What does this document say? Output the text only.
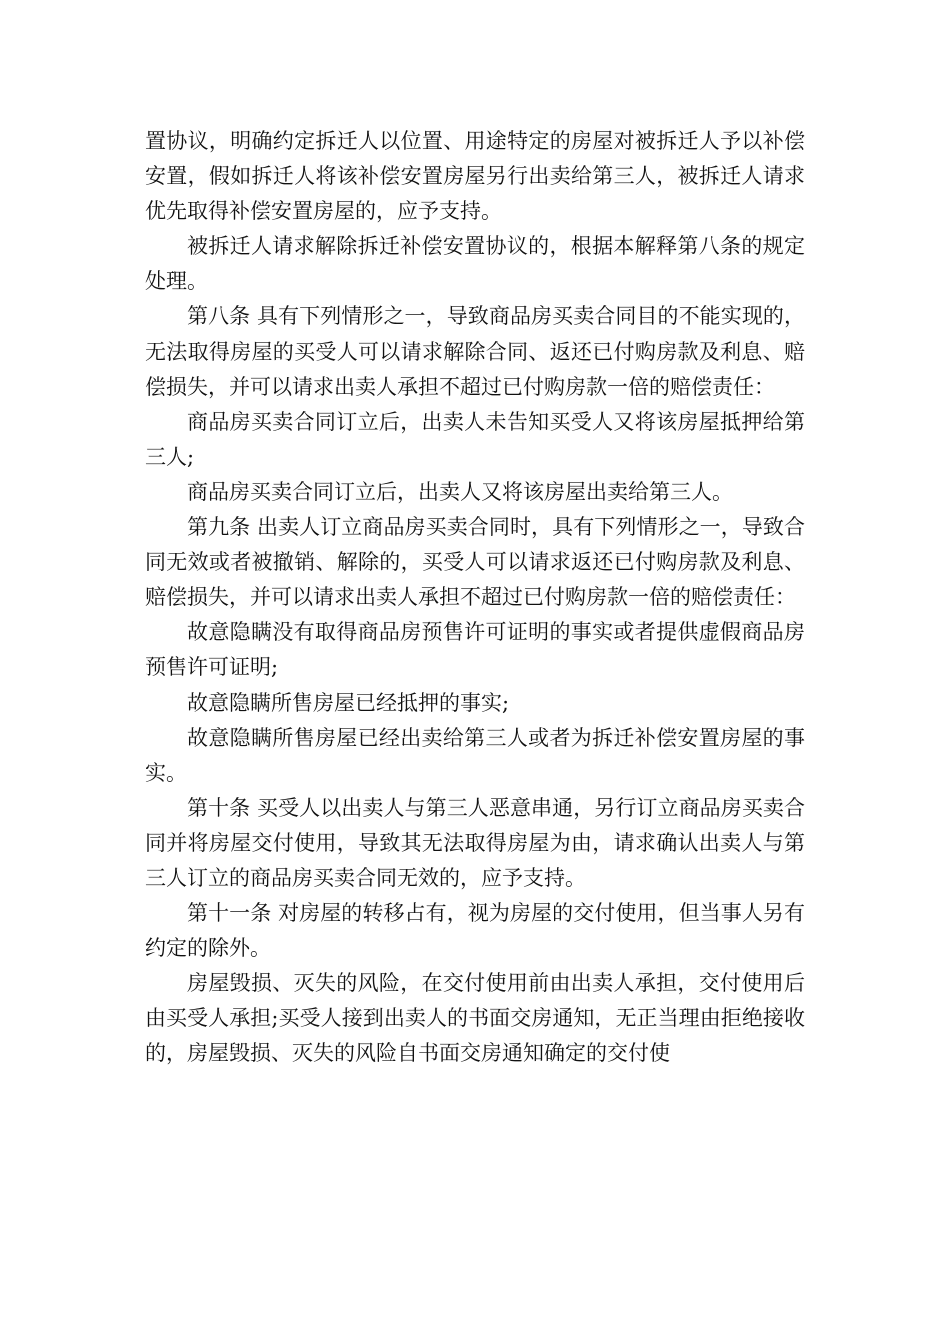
置协议，明确约定拆迁人以位置、用途特定的房屋对被拆迁人予以补偿安置，假如拆迁人将该补偿安置房屋另行出卖给第三人，被拆迁人请求优先取得补偿安置房屋的，应予支持。

被拆迁人请求解除拆迁补偿安置协议的，根据本解释第八条的规定处理。

第八条 具有下列情形之一，导致商品房买卖合同目的不能实现的，无法取得房屋的买受人可以请求解除合同、返还已付购房款及利息、赔偿损失，并可以请求出卖人承担不超过已付购房款一倍的赔偿责任：

商品房买卖合同订立后，出卖人未告知买受人又将该房屋抵押给第三人;

商品房买卖合同订立后，出卖人又将该房屋出卖给第三人。

第九条 出卖人订立商品房买卖合同时，具有下列情形之一，导致合同无效或者被撤销、解除的，买受人可以请求返还已付购房款及利息、赔偿损失，并可以请求出卖人承担不超过已付购房款一倍的赔偿责任：

故意隐瞒没有取得商品房预售许可证明的事实或者提供虚假商品房预售许可证明;

故意隐瞒所售房屋已经抵押的事实;

故意隐瞒所售房屋已经出卖给第三人或者为拆迁补偿安置房屋的事实。

第十条 买受人以出卖人与第三人恶意串通，另行订立商品房买卖合同并将房屋交付使用，导致其无法取得房屋为由，请求确认出卖人与第三人订立的商品房买卖合同无效的，应予支持。

第十一条 对房屋的转移占有，视为房屋的交付使用，但当事人另有约定的除外。

房屋毁损、灭失的风险，在交付使用前由出卖人承担，交付使用后由买受人承担;买受人接到出卖人的书面交房通知，无正当理由拒绝接收的，房屋毁损、灭失的风险自书面交房通知确定的交付使
